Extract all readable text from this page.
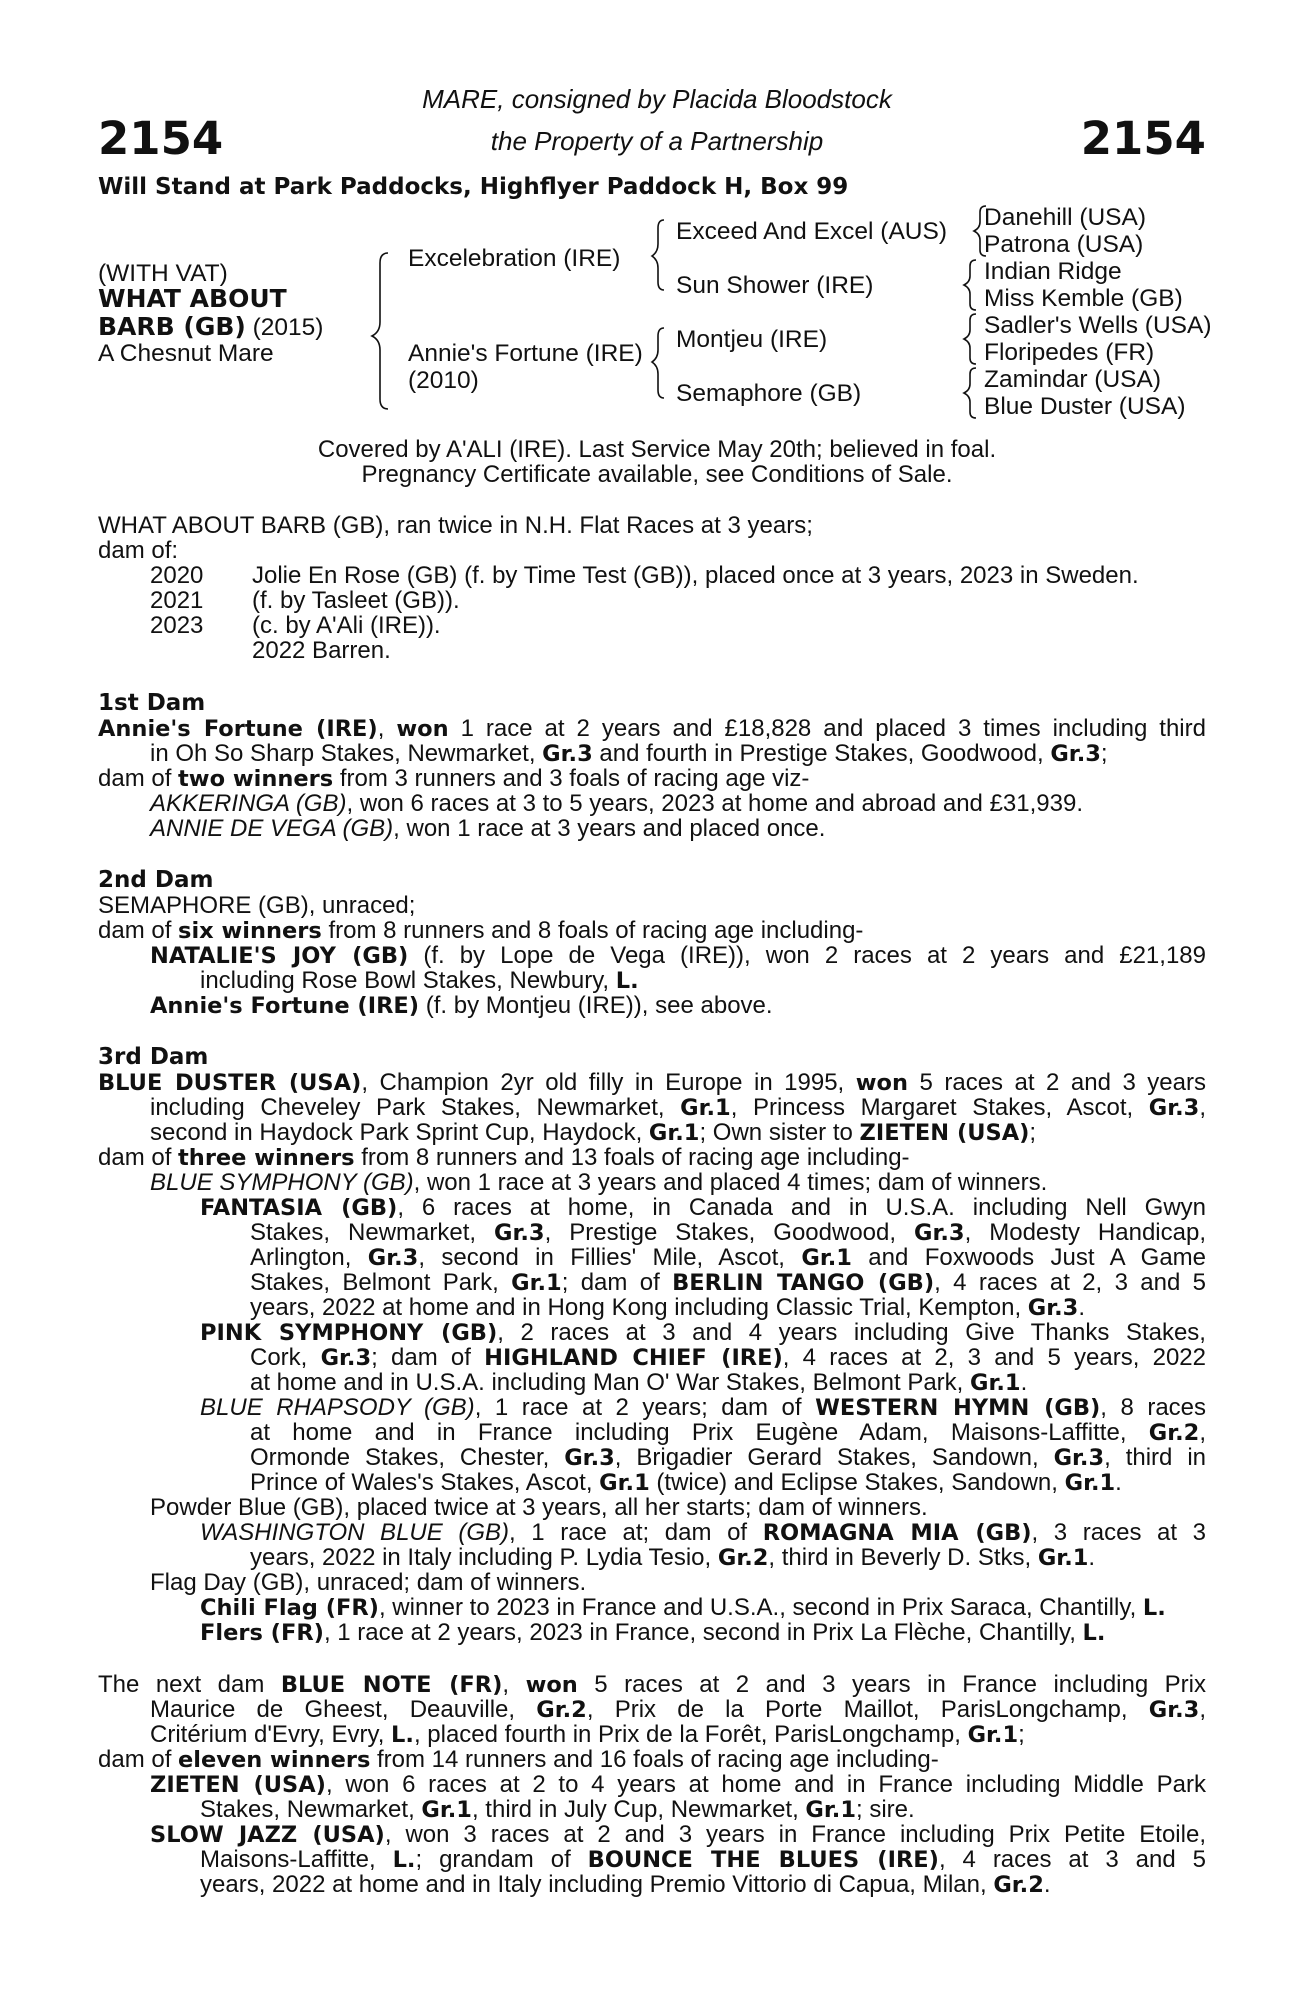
2154	2154
MARE, consigned by Placida Bloodstock
the Property of a Partnership
Will Stand at Park Paddocks, Highflyer Paddock H, Box 99
(WITH VAT)
WHAT ABOUT
BARB (GB) (2015)
A Chesnut Mare
Excelebration (IRE)
Annie's Fortune (IRE)
(2010)
Exceed And Excel (AUS)
Sun Shower (IRE)
Montjeu (IRE)
Semaphore (GB)
Danehill (USA)
Patrona (USA)
Indian Ridge
Miss Kemble (GB)
Sadler's Wells (USA)
Floripedes (FR)
Zamindar (USA)
Blue Duster (USA)
Covered by A'ALI (IRE). Last Service May 20th; believed in foal.
Pregnancy Certificate available, see Conditions of Sale.
WHAT ABOUT BARB (GB), ran twice in N.H. Flat Races at 3 years;
dam of:
2020 Jolie En Rose (GB) (f. by Time Test (GB)), placed once at 3 years, 2023 in Sweden.
2021 (f. by Tasleet (GB)).
2023 (c. by A'Ali (IRE)).
2022 Barren.
1st Dam
Annie's Fortune (IRE), won 1 race at 2 years and £18,828 and placed 3 times including third
in Oh So Sharp Stakes, Newmarket, Gr.3 and fourth in Prestige Stakes, Goodwood, Gr.3;
dam of two winners from 3 runners and 3 foals of racing age viz-
AKKERINGA (GB), won 6 races at 3 to 5 years, 2023 at home and abroad and £31,939.
ANNIE DE VEGA (GB), won 1 race at 3 years and placed once.
2nd Dam
SEMAPHORE (GB), unraced;
dam of six winners from 8 runners and 8 foals of racing age including-
NATALIE'S JOY (GB) (f. by Lope de Vega (IRE)), won 2 races at 2 years and £21,189
including Rose Bowl Stakes, Newbury, L.
Annie's Fortune (IRE) (f. by Montjeu (IRE)), see above.
3rd Dam
BLUE DUSTER (USA), Champion 2yr old filly in Europe in 1995, won 5 races at 2 and 3 years
including Cheveley Park Stakes, Newmarket, Gr.1, Princess Margaret Stakes, Ascot, Gr.3,
second in Haydock Park Sprint Cup, Haydock, Gr.1; Own sister to ZIETEN (USA);
dam of three winners from 8 runners and 13 foals of racing age including-
BLUE SYMPHONY (GB), won 1 race at 3 years and placed 4 times; dam of winners.
FANTASIA (GB), 6 races at home, in Canada and in U.S.A. including Nell Gwyn
Stakes, Newmarket, Gr.3, Prestige Stakes, Goodwood, Gr.3, Modesty Handicap,
Arlington, Gr.3, second in Fillies' Mile, Ascot, Gr.1 and Foxwoods Just A Game
Stakes, Belmont Park, Gr.1; dam of BERLIN TANGO (GB), 4 races at 2, 3 and 5
years, 2022 at home and in Hong Kong including Classic Trial, Kempton, Gr.3.
PINK SYMPHONY (GB), 2 races at 3 and 4 years including Give Thanks Stakes,
Cork, Gr.3; dam of HIGHLAND CHIEF (IRE), 4 races at 2, 3 and 5 years, 2022
at home and in U.S.A. including Man O' War Stakes, Belmont Park, Gr.1.
BLUE RHAPSODY (GB), 1 race at 2 years; dam of WESTERN HYMN (GB), 8 races
at home and in France including Prix Eugène Adam, Maisons-Laffitte, Gr.2,
Ormonde Stakes, Chester, Gr.3, Brigadier Gerard Stakes, Sandown, Gr.3, third in
Prince of Wales's Stakes, Ascot, Gr.1 (twice) and Eclipse Stakes, Sandown, Gr.1.
Powder Blue (GB), placed twice at 3 years, all her starts; dam of winners.
WASHINGTON BLUE (GB), 1 race at; dam of ROMAGNA MIA (GB), 3 races at 3
years, 2022 in Italy including P. Lydia Tesio, Gr.2, third in Beverly D. Stks, Gr.1.
Flag Day (GB), unraced; dam of winners.
Chili Flag (FR), winner to 2023 in France and U.S.A., second in Prix Saraca, Chantilly, L.
Flers (FR), 1 race at 2 years, 2023 in France, second in Prix La Flèche, Chantilly, L.
The next dam BLUE NOTE (FR), won 5 races at 2 and 3 years in France including Prix
Maurice de Gheest, Deauville, Gr.2, Prix de la Porte Maillot, ParisLongchamp, Gr.3,
Critérium d'Evry, Evry, L., placed fourth in Prix de la Forêt, ParisLongchamp, Gr.1;
dam of eleven winners from 14 runners and 16 foals of racing age including-
ZIETEN (USA), won 6 races at 2 to 4 years at home and in France including Middle Park
Stakes, Newmarket, Gr.1, third in July Cup, Newmarket, Gr.1; sire.
SLOW JAZZ (USA), won 3 races at 2 and 3 years in France including Prix Petite Etoile,
Maisons-Laffitte, L.; grandam of BOUNCE THE BLUES (IRE), 4 races at 3 and 5
years, 2022 at home and in Italy including Premio Vittorio di Capua, Milan, Gr.2.
